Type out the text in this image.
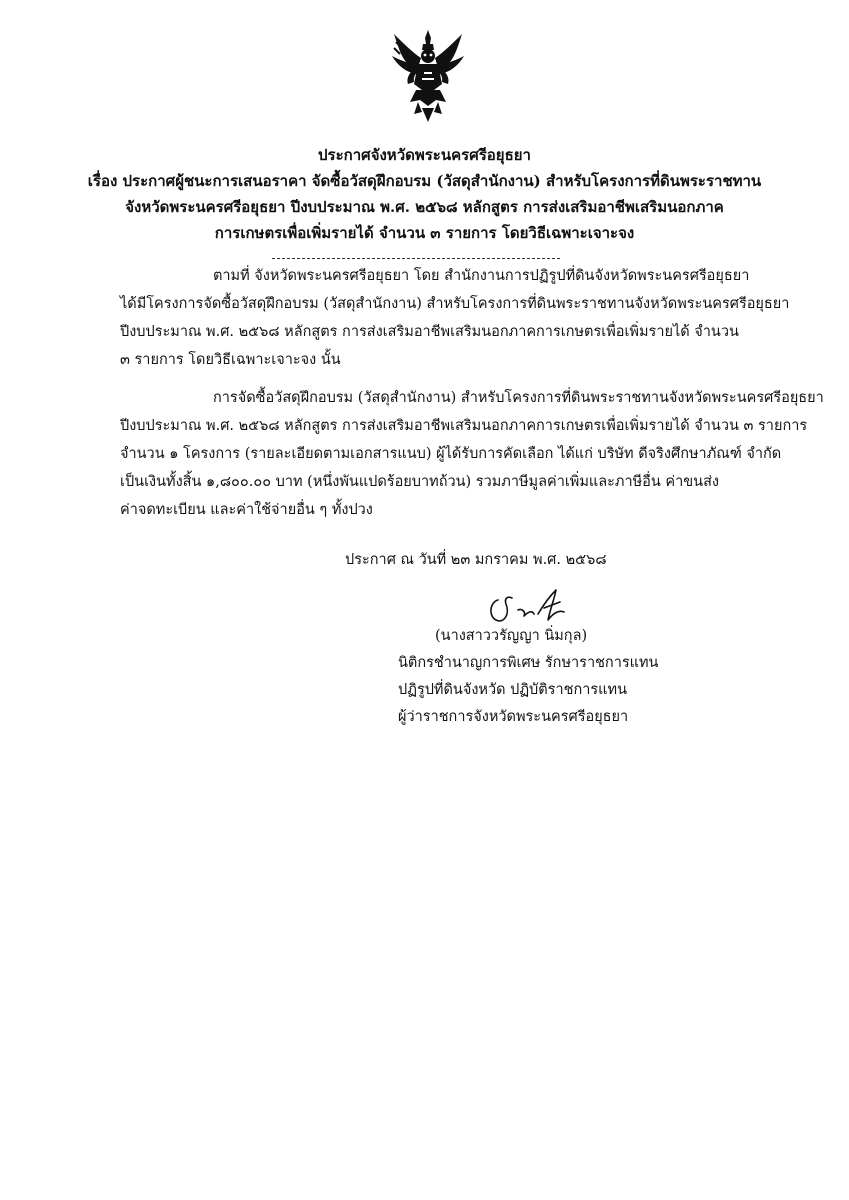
ประกาศจังหวัดพระนครศรีอยุธยา
เรื่อง ประกาศผู้ชนะการเสนอราคา จัดซื้อวัสดุฝึกอบรม (วัสดุสำนักงาน) สำหรับโครงการที่ดินพระราชทาน
จังหวัดพระนครศรีอยุธยา ปีงบประมาณ พ.ศ. ๒๕๖๘ หลักสูตร การส่งเสริมอาชีพเสริมนอกภาค
การเกษตรเพื่อเพิ่มรายได้ จำนวน ๓ รายการ โดยวิธีเฉพาะเจาะจง
ตามที่ จังหวัดพระนครศรีอยุธยา โดย สำนักงานการปฏิรูปที่ดินจังหวัดพระนครศรีอยุธยา
ได้มีโครงการจัดซื้อวัสดุฝึกอบรม (วัสดุสำนักงาน) สำหรับโครงการที่ดินพระราชทานจังหวัดพระนครศรีอยุธยา
ปีงบประมาณ พ.ศ. ๒๕๖๘ หลักสูตร การส่งเสริมอาชีพเสริมนอกภาคการเกษตรเพื่อเพิ่มรายได้ จำนวน
๓ รายการ โดยวิธีเฉพาะเจาะจง นั้น
การจัดซื้อวัสดุฝึกอบรม (วัสดุสำนักงาน) สำหรับโครงการที่ดินพระราชทานจังหวัดพระนครศรีอยุธยา
ปีงบประมาณ พ.ศ. ๒๕๖๘ หลักสูตร การส่งเสริมอาชีพเสริมนอกภาคการเกษตรเพื่อเพิ่มรายได้ จำนวน ๓ รายการ
จำนวน ๑ โครงการ (รายละเอียดตามเอกสารแนบ) ผู้ได้รับการคัดเลือก ได้แก่ บริษัท ดีจริงศึกษาภัณฑ์ จำกัด
เป็นเงินทั้งสิ้น ๑,๘๐๐.๐๐ บาท (หนึ่งพันแปดร้อยบาทถ้วน) รวมภาษีมูลค่าเพิ่มและภาษีอื่น ค่าขนส่ง
ค่าจดทะเบียน และค่าใช้จ่ายอื่น ๆ ทั้งปวง
ประกาศ ณ วันที่ ๒๓ มกราคม พ.ศ. ๒๕๖๘
(นางสาววรัญญา นิ่มกุล)
นิติกรชำนาญการพิเศษ รักษาราชการแทน
ปฏิรูปที่ดินจังหวัด ปฏิบัติราชการแทน
ผู้ว่าราชการจังหวัดพระนครศรีอยุธยา
